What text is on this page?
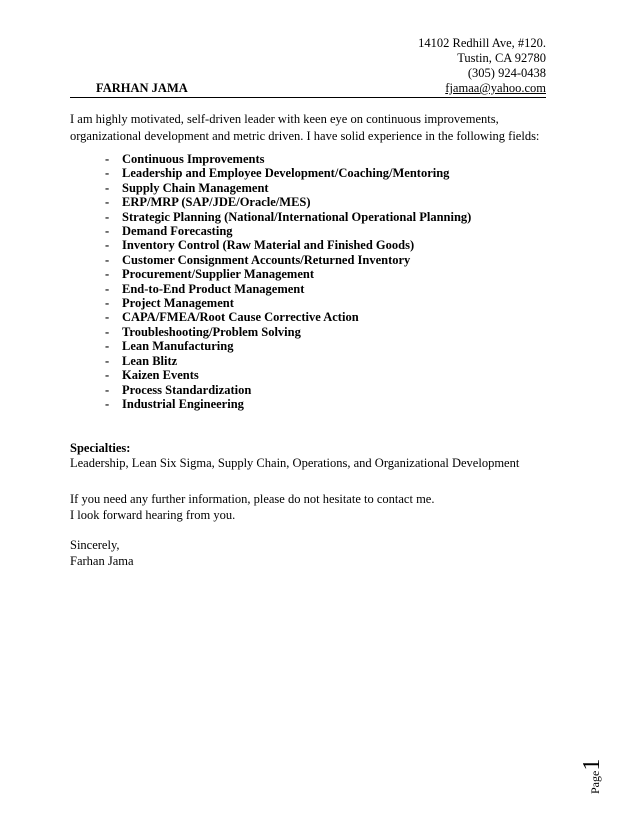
14102 Redhill Ave, #120.
Tustin, CA 92780
(305) 924-0438
FARHAN JAMA	fjamaa@yahoo.com

I am highly motivated, self-driven leader with keen eye on continuous improvements,

organizational development and metric driven. I have solid experience in the following fields:

- Continuous Improvements
- Leadership and Employee Development/Coaching/Mentoring
- Supply Chain Management
- ERP/MRP (SAP/JDE/Oracle/MES)
- Strategic Planning (National/International Operational Planning)
- Demand Forecasting
- Inventory Control (Raw Material and Finished Goods)
- Customer Consignment Accounts/Returned Inventory
- Procurement/Supplier Management
- End-to-End Product Management
- Project Management
- CAPA/FMEA/Root Cause Corrective Action
- Troubleshooting/Problem Solving
- Lean Manufacturing
- Lean Blitz
- Kaizen Events
- Process Standardization
- Industrial Engineering
Specialties:
Leadership, Lean Six Sigma, Supply Chain, Operations, and Organizational Development

If you need any further information, please do not hesitate to contact me.

I look forward hearing from you.

Sincerely,

Farhan Jama

Page1
